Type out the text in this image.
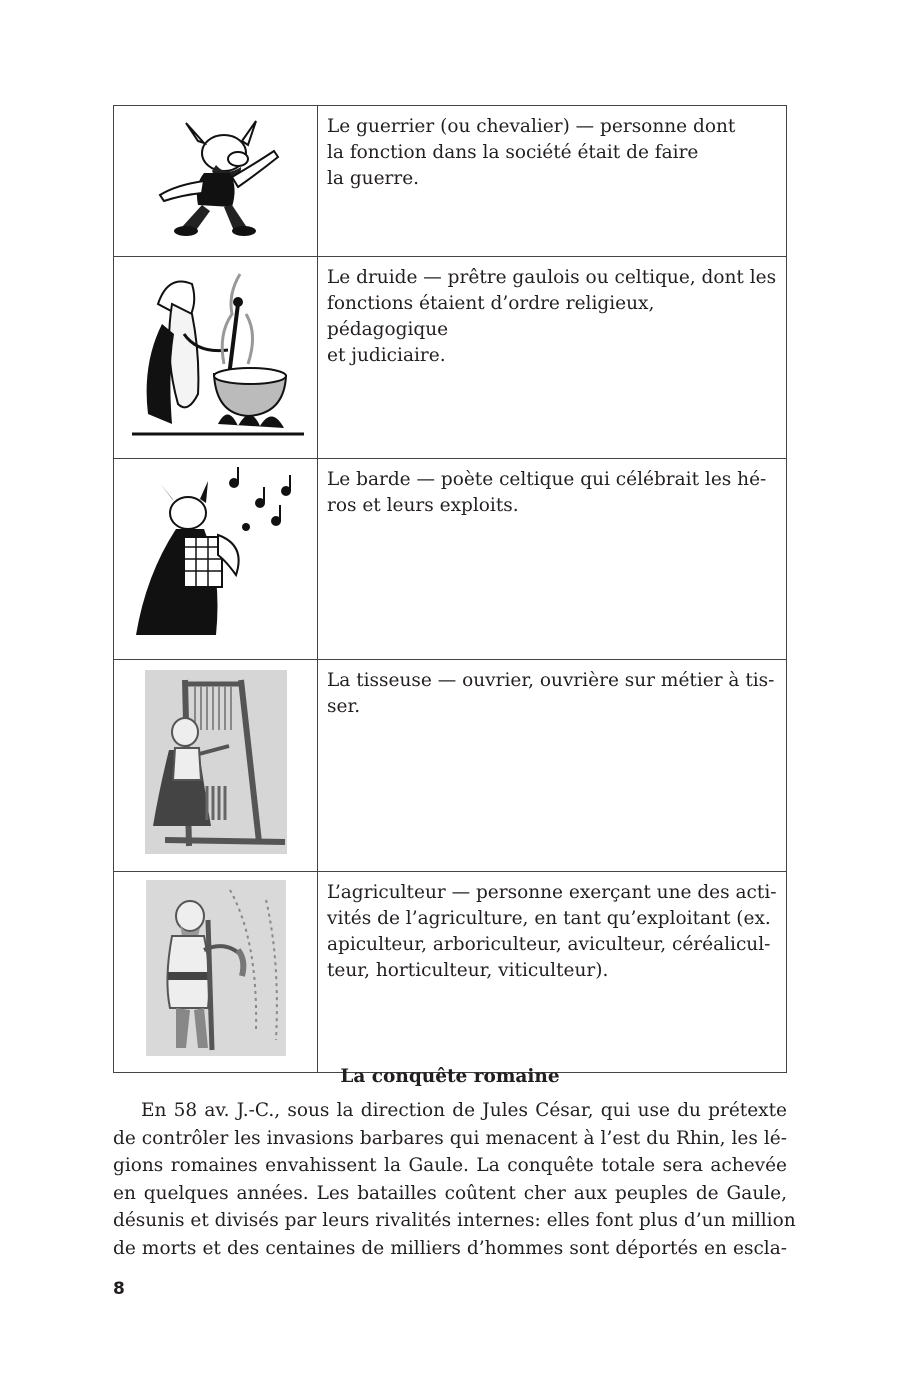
Le guerrier (ou chevalier) — personne dont
la fonction dans la société était de faire
la guerre.

Le druide — prêtre gaulois ou celtique, dont les
fonctions étaient d’ordre religieux, pédagogique
et judiciaire.

Le barde — poète celtique qui célébrait les hé-
ros et leurs exploits.

La tisseuse — ouvrier, ouvrière sur métier à tis-
ser.

L’agriculteur — personne exerçant une des acti-
vités de l’agriculture, en tant qu’exploitant (ex.
apiculteur, arboriculteur, aviculteur, céréalicul-
teur, horticulteur, viticulteur).
La conquête romaine
En 58 av. J.-C., sous la direction de Jules César, qui use du prétexte
de contrôler les invasions barbares qui menacent à l’est du Rhin, les lé-
gions romaines envahissent la Gaule. La conquête totale sera achevée
en quelques années. Les batailles coûtent cher aux peuples de Gaule,
désunis et divisés par leurs rivalités internes: elles font plus d’un million
de morts et des centaines de milliers d’hommes sont déportés en escla-
8
